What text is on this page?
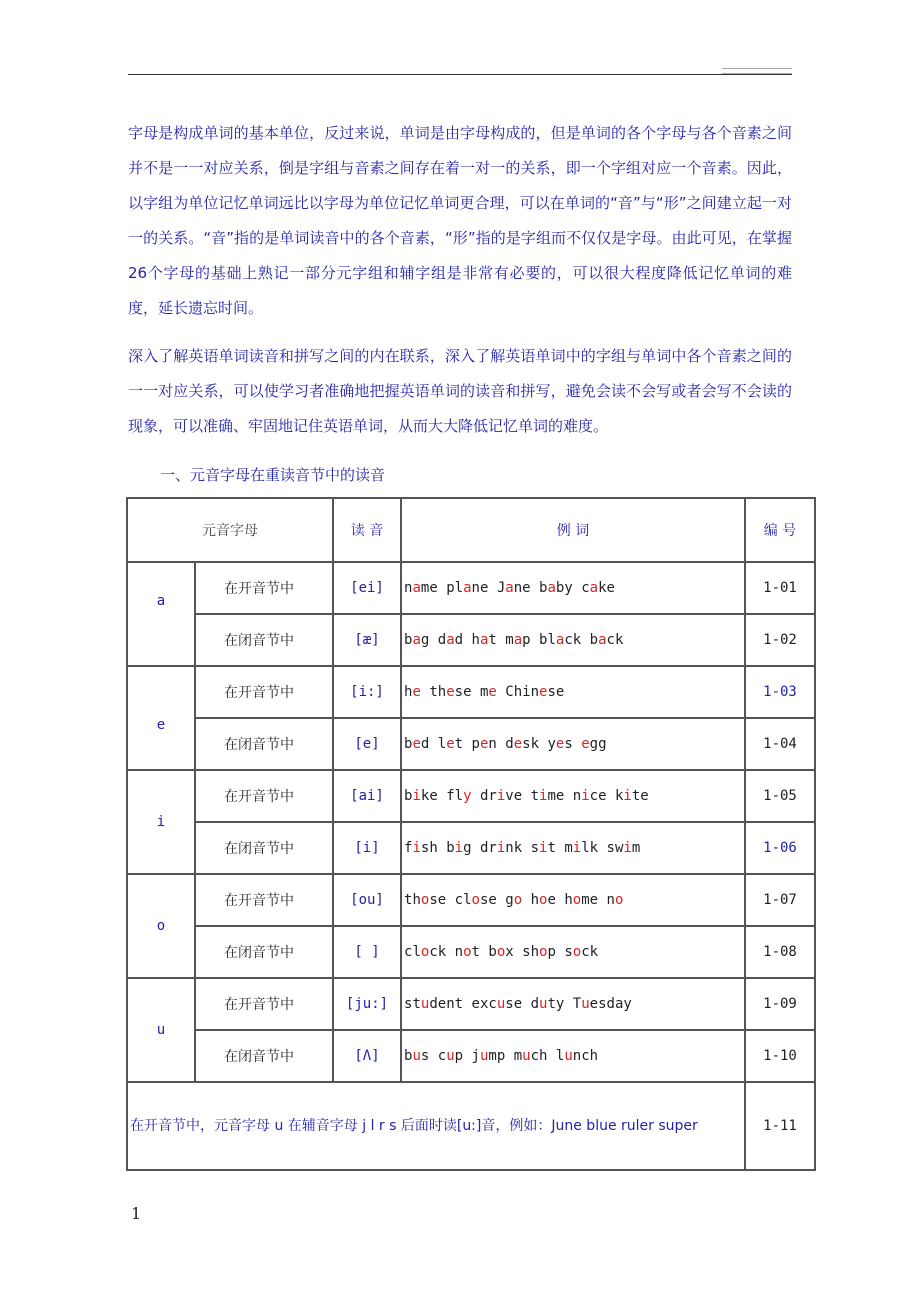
字母是构成单词的基本单位，反过来说，单词是由字母构成的，但是单词的各个字母与各个音素之间并不是一一对应关系，倒是字组与音素之间存在着一对一的关系，即一个字组对应一个音素。因此，以字组为单位记忆单词远比以字母为单位记忆单词更合理，可以在单词的“音”与“形”之间建立起一对一的关系。“音”指的是单词读音中的各个音素，“形”指的是字组而不仅仅是字母。由此可见，在掌握26个字母的基础上熟记一部分元字组和辅字组是非常有必要的，可以很大程度降低记忆单词的难度，延长遗忘时间。

深入了解英语单词读音和拼写之间的内在联系，深入了解英语单词中的字组与单词中各个音素之间的一一对应关系，可以使学习者准确地把握英语单词的读音和拼写，避免会读不会写或者会写不会读的现象，可以准确、牢固地记住英语单词，从而大大降低记忆单词的难度。

一、元音字母在重读音节中的读音

元音字母		读 音	例 词	编 号
a	在开音节中	[ei]	name plane Jane baby cake	1-01
	在闭音节中	[æ]	bag dad hat map black back	1-02
e	在开音节中	[i:]	he these me Chinese	1-03
	在闭音节中	[e]	bed let pen desk yes egg	1-04
i	在开音节中	[ai]	bike fly drive time nice kite	1-05
	在闭音节中	[i]	fish big drink sit milk swim	1-06
o	在开音节中	[ou]	those close go hoe home no	1-07
	在闭音节中	[ ]	clock not box shop sock	1-08
u	在开音节中	[ju:]	student excuse duty Tuesday	1-09
	在闭音节中	[Λ]	bus cup jump much lunch	1-10
在开音节中，元音字母 u 在辅音字母 j l r s 后面时读[u:]音，例如：June blue ruler super				1-11
1
